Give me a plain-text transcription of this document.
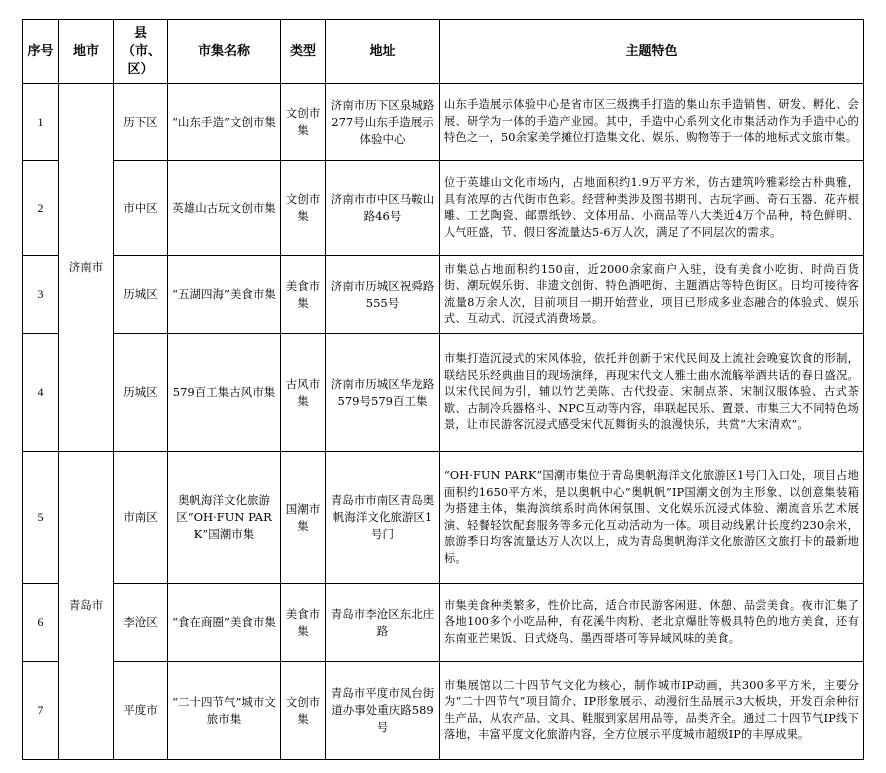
序号	地市	县（市、区）	市集名称	类型	地址	主题特色
1	济南市	历下区	“山东手造”文创市集	文创市集	济南市历下区泉城路277号山东手造展示体验中心	山东手造展示体验中心是省市区三级携手打造的集山东手造销售、研发、孵化、会展、研学为一体的手造产业园。其中，手造中心系列文化市集活动作为手造中心的特色之一，50余家美学摊位打造集文化、娱乐、购物等于一体的地标式文旅市集。
2		市中区	英雄山古玩文创市集	文创市集	济南市市中区马鞍山路46号	位于英雄山文化市场内，占地面积约1.9万平方米，仿古建筑吟雅彩绘古朴典雅，具有浓厚的古代街市色彩。经营种类涉及图书期刊、古玩字画、奇石玉器、花卉根雕、工艺陶瓷、邮票纸钞、文体用品、小商品等八大类近4万个品种，特色鲜明、人气旺盛，节、假日客流量达5-6万人次，满足了不同层次的需求。
3		历城区	“五湖四海”美食市集	美食市集	济南市历城区祝舜路555号	市集总占地面积约150亩，近2000余家商户入驻，设有美食小吃街、时尚百货街、潮玩娱乐街、非遗文创街、特色酒吧街、主题酒店等特色街区。日均可接待客流量8万余人次，目前项目一期开始营业，项目已形成多业态融合的体验式、娱乐式、互动式、沉浸式消费场景。
4		历城区	579百工集古风市集	古风市集	济南市历城区华龙路579号579百工集	市集打造沉浸式的宋风体验，依托并创新于宋代民间及上流社会晚宴饮食的形制，联结民乐经典曲目的现场演绎，再现宋代文人雅士曲水流觞举酒共话的春日盛况。以宋代民间为引，辅以竹艺美陈、古代投壶、宋制点茶、宋制汉服体验、古式茶歇、古制冷兵器格斗、NPC互动等内容，串联起民乐、置景、市集三大不同特色场景，让市民游客沉浸式感受宋代瓦舞街头的浪漫快乐，共赏“大宋清欢”。
5	青岛市	市南区	奥帆海洋文化旅游区“OH·FUN PARK”国潮市集	国潮市集	青岛市市南区青岛奥帆海洋文化旅游区1号门	“OH·FUN PARK”国潮市集位于青岛奥帆海洋文化旅游区1号门入口处，项目占地面积约1650平方米，是以奥帆中心“奥帆帆”IP国潮文创为主形象、以创意集装箱为搭建主体，集海滨缤系时尚休闲氛围、文化娱乐沉浸式体验、潮流音乐艺术展演、轻餐轻饮配套服务等多元化互动活动为一体。项目动线累计长度约230余米，旅游季日均客流量达万人次以上，成为青岛奥帆海洋文化旅游区文旅打卡的最新地标。
6		李沧区	“食在商圈”美食市集	美食市集	青岛市李沧区东北庄路	市集美食种类繁多，性价比高，适合市民游客闲逛、休憩、品尝美食。夜市汇集了各地100多个小吃品种，有花溪牛肉粉、老北京爆肚等极具特色的地方美食，还有东南亚芒果饭、日式烧鸟、墨西哥塔可等异域风味的美食。
7		平度市	“二十四节气”城市文旅市集	文创市集	青岛市平度市凤台街道办事处重庆路589号	市集展馆以二十四节气文化为核心，制作城市IP动画，共300多平方米，主要分为“二十四节气”项目简介、IP形象展示、动漫衍生品展示3大板块，开发百余种衍生产品，从农产品、文具、鞋服到家居用品等，品类齐全。通过二十四节气IP线下落地，丰富平度文化旅游内容，全方位展示平度城市超级IP的丰厚成果。
